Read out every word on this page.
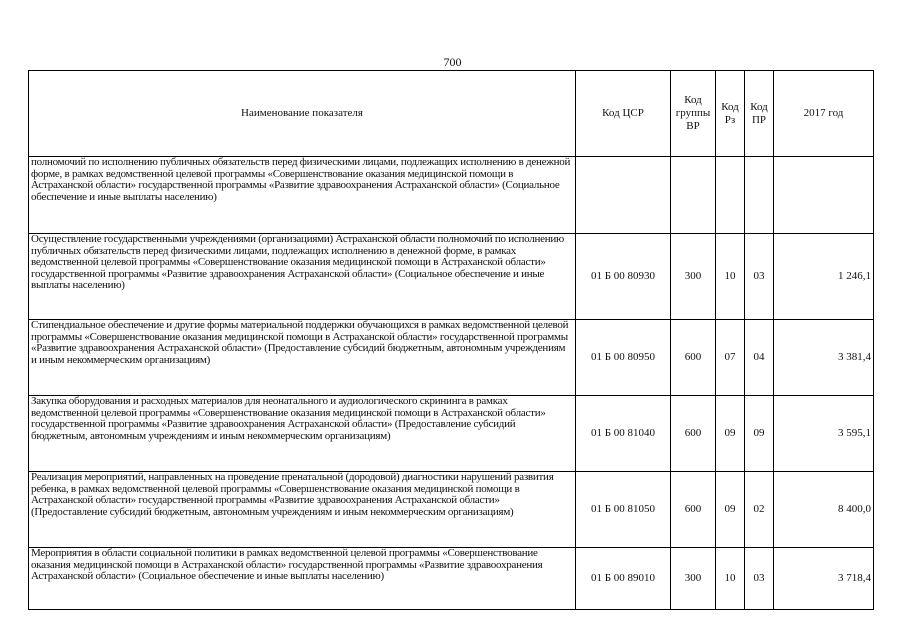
700
Наименование показателя	Код ЦСР	Код группы ВР	Код Рз	Код ПР	2017 год
полномочий по исполнению публичных обязательств перед физическими лицами, подлежащих исполнению в денежной форме, в рамках ведомственной целевой программы «Совершенствование оказания медицинской помощи в Астраханской области» государственной программы «Развитие здравоохранения Астраханской области» (Социальное обеспечение и иные выплаты населению)					
Осуществление государственными учреждениями (организациями) Астраханской области полномочий по исполнению публичных обязательств перед физическими лицами, подлежащих исполнению в денежной форме, в рамках ведомственной целевой программы «Совершенствование оказания медицинской помощи в Астраханской области» государственной программы «Развитие здравоохранения Астраханской области» (Социальное обеспечение и иные выплаты населению)	01 Б 00 80930	300	10	03	1 246,1
Стипендиальное обеспечение и другие формы материальной поддержки обучающихся в рамках ведомственной целевой программы «Совершенствование оказания медицинской помощи в Астраханской области» государственной программы «Развитие здравоохранения Астраханской области» (Предоставление субсидий бюджетным, автономным учреждениям и иным некоммерческим организациям)	01 Б 00 80950	600	07	04	3 381,4
Закупка оборудования и расходных материалов для неонатального и аудиологического скрининга в рамках ведомственной целевой программы «Совершенствование оказания медицинской помощи в Астраханской области» государственной программы «Развитие здравоохранения Астраханской области» (Предоставление субсидий бюджетным, автономным учреждениям и иным некоммерческим организациям)	01 Б 00 81040	600	09	09	3 595,1
Реализация мероприятий, направленных на проведение пренатальной (дородовой) диагностики нарушений развития ребенка, в рамках ведомственной целевой программы «Совершенствование оказания медицинской помощи в Астраханской области» государственной программы «Развитие здравоохранения Астраханской области» (Предоставление субсидий бюджетным, автономным учреждениям и иным некоммерческим организациям)	01 Б 00 81050	600	09	02	8 400,0
Мероприятия в области социальной политики в рамках ведомственной целевой программы «Совершенствование оказания медицинской помощи в Астраханской области» государственной программы «Развитие здравоохранения Астраханской области» (Социальное обеспечение и иные выплаты населению)	01 Б 00 89010	300	10	03	3 718,4
